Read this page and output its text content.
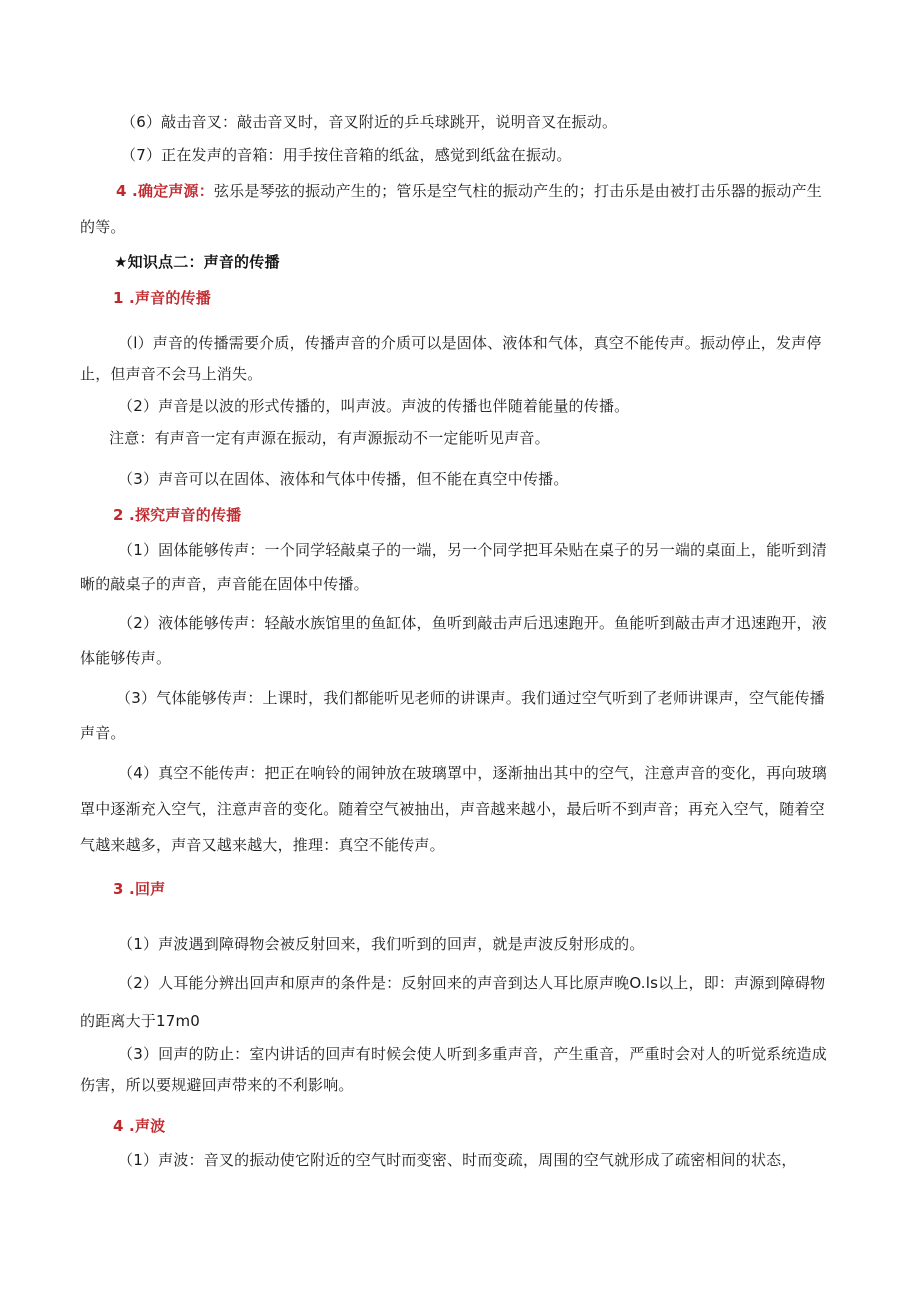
（6）敲击音叉：敲击音叉时，音叉附近的乒乓球跳开，说明音叉在振动。
（7）正在发声的音箱：用手按住音箱的纸盆，感觉到纸盆在振动。
4 .确定声源：弦乐是琴弦的振动产生的；管乐是空气柱的振动产生的；打击乐是由被打击乐器的振动产生
的等。
★知识点二：声音的传播
1 .声音的传播
（l）声音的传播需要介质，传播声音的介质可以是固体、液体和气体，真空不能传声。振动停止，发声停
止，但声音不会马上消失。
（2）声音是以波的形式传播的，叫声波。声波的传播也伴随着能量的传播。
注意：有声音一定有声源在振动，有声源振动不一定能听见声音。
（3）声音可以在固体、液体和气体中传播，但不能在真空中传播。
2 .探究声音的传播
（1）固体能够传声：一个同学轻敲桌子的一端，另一个同学把耳朵贴在桌子的另一端的桌面上，能听到清
晰的敲桌子的声音，声音能在固体中传播。
（2）液体能够传声：轻敲水族馆里的鱼缸体，鱼听到敲击声后迅速跑开。鱼能听到敲击声才迅速跑开，液
体能够传声。
（3）气体能够传声：上课时，我们都能听见老师的讲课声。我们通过空气听到了老师讲课声，空气能传播
声音。
（4）真空不能传声：把正在响铃的闹钟放在玻璃罩中，逐渐抽出其中的空气，注意声音的变化，再向玻璃
罩中逐渐充入空气，注意声音的变化。随着空气被抽出，声音越来越小，最后听不到声音；再充入空气，随着空
气越来越多，声音又越来越大，推理：真空不能传声。
3 .回声
（1）声波遇到障碍物会被反射回来，我们听到的回声，就是声波反射形成的。
（2）人耳能分辨出回声和原声的条件是：反射回来的声音到达人耳比原声晚O.ls以上，即：声源到障碍物
的距离大于17m0
（3）回声的防止：室内讲话的回声有时候会使人听到多重声音，产生重音，严重时会对人的听觉系统造成
伤害，所以要规避回声带来的不利影响。
4 .声波
（1）声波：音叉的振动使它附近的空气时而变密、时而变疏，周围的空气就形成了疏密相间的状态，
